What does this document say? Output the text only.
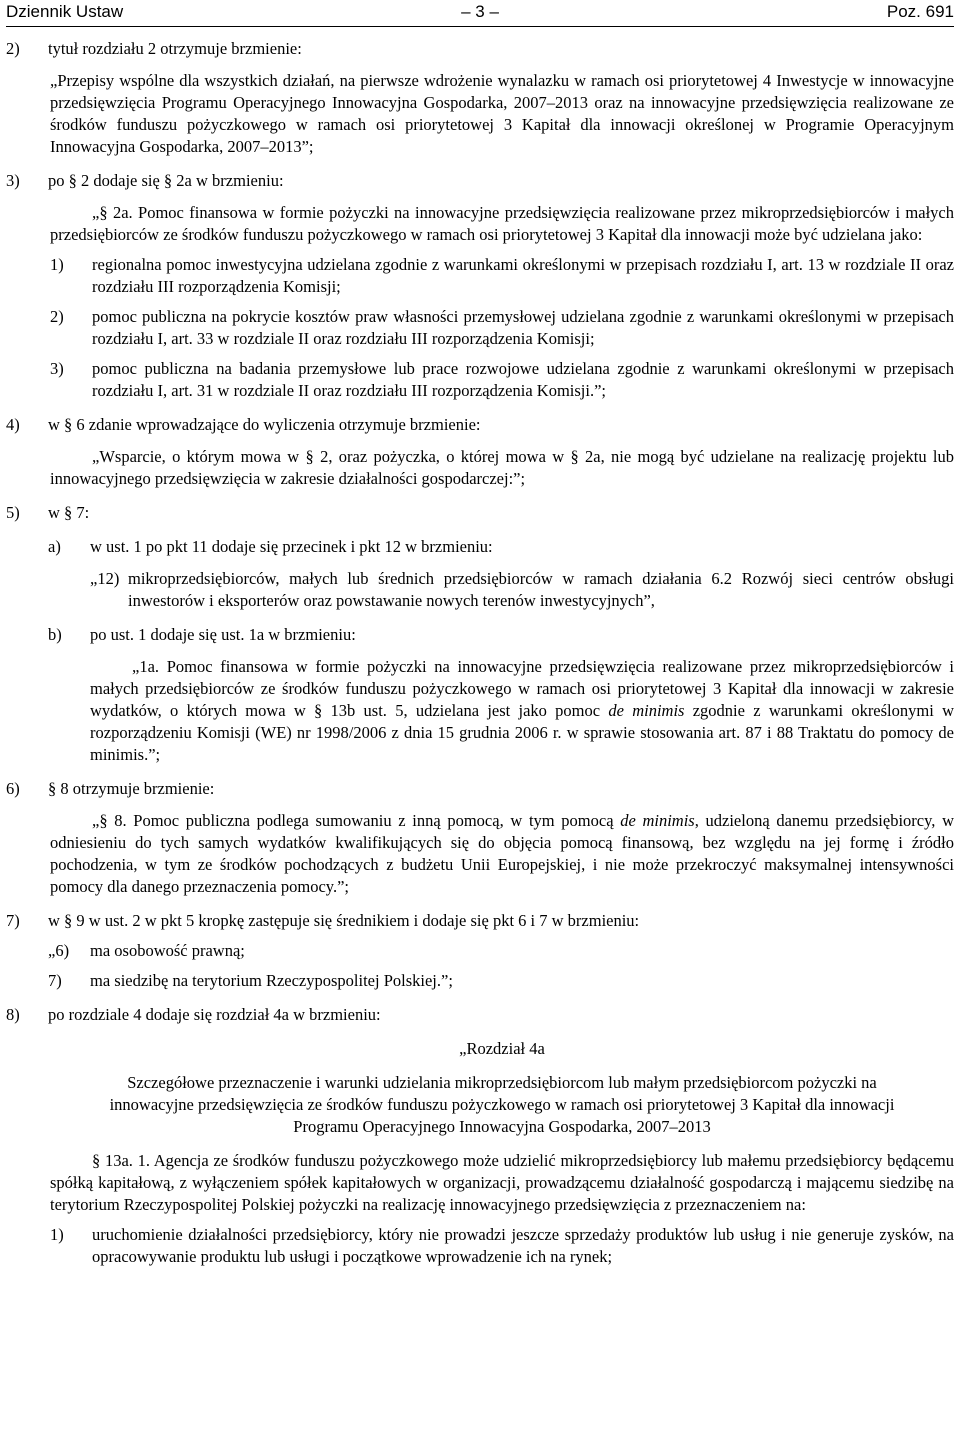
Dziennik Ustaw	– 3 –	Poz. 691
2)	tytuł rozdziału 2 otrzymuje brzmienie:

„Przepisy wspólne dla wszystkich działań, na pierwsze wdrożenie wynalazku w ramach osi priorytetowej 4 Inwestycje w innowacyjne przedsięwzięcia Programu Operacyjnego Innowacyjna Gospodarka, 2007–2013 oraz na innowacyjne przedsięwzięcia realizowane ze środków funduszu pożyczkowego w ramach osi priorytetowej 3 Kapitał dla innowacji określonej w Programie Operacyjnym Innowacyjna Gospodarka, 2007–2013”;

3)	po § 2 dodaje się § 2a w brzmieniu:

„§ 2a. Pomoc finansowa w formie pożyczki na innowacyjne przedsięwzięcia realizowane przez mikroprzedsiębiorców i małych przedsiębiorców ze środków funduszu pożyczkowego w ramach osi priorytetowej 3 Kapitał dla innowacji może być udzielana jako:

1)	regionalna pomoc inwestycyjna udzielana zgodnie z warunkami określonymi w przepisach rozdziału I, art. 13 w rozdziale II oraz rozdziału III rozporządzenia Komisji;

2)	pomoc publiczna na pokrycie kosztów praw własności przemysłowej udzielana zgodnie z warunkami określonymi w przepisach rozdziału I, art. 33 w rozdziale II oraz rozdziału III rozporządzenia Komisji;

3)	pomoc publiczna na badania przemysłowe lub prace rozwojowe udzielana zgodnie z warunkami określonymi w przepisach rozdziału I, art. 31 w rozdziale II oraz rozdziału III rozporządzenia Komisji.”;

4)	w § 6 zdanie wprowadzające do wyliczenia otrzymuje brzmienie:

„Wsparcie, o którym mowa w § 2, oraz pożyczka, o której mowa w § 2a, nie mogą być udzielane na realizację projektu lub innowacyjnego przedsięwzięcia w zakresie działalności gospodarczej:”;

5)	w § 7:

a)	w ust. 1 po pkt 11 dodaje się przecinek i pkt 12 w brzmieniu:

„12) mikroprzedsiębiorców, małych lub średnich przedsiębiorców w ramach działania 6.2 Rozwój sieci centrów obsługi inwestorów i eksporterów oraz powstawanie nowych terenów inwestycyjnych”,

b)	po ust. 1 dodaje się ust. 1a w brzmieniu:

„1a. Pomoc finansowa w formie pożyczki na innowacyjne przedsięwzięcia realizowane przez mikroprzedsiębiorców i małych przedsiębiorców ze środków funduszu pożyczkowego w ramach osi priorytetowej 3 Kapitał dla innowacji w zakresie wydatków, o których mowa w § 13b ust. 5, udzielana jest jako pomoc de minimis zgodnie z warunkami określonymi w rozporządzeniu Komisji (WE) nr 1998/2006 z dnia 15 grudnia 2006 r. w sprawie stosowania art. 87 i 88 Traktatu do pomocy de minimis.”;

6)	§ 8 otrzymuje brzmienie:

„§ 8. Pomoc publiczna podlega sumowaniu z inną pomocą, w tym pomocą de minimis, udzieloną danemu przedsiębiorcy, w odniesieniu do tych samych wydatków kwalifikujących się do objęcia pomocą finansową, bez względu na jej formę i źródło pochodzenia, w tym ze środków pochodzących z budżetu Unii Europejskiej, i nie może przekroczyć maksymalnej intensywności pomocy dla danego przeznaczenia pomocy.”;

7)	w § 9 w ust. 2 w pkt 5 kropkę zastępuje się średnikiem i dodaje się pkt 6 i 7 w brzmieniu:

„6)	ma osobowość prawną;

7)	ma siedzibę na terytorium Rzeczypospolitej Polskiej.”;

8)	po rozdziale 4 dodaje się rozdział 4a w brzmieniu:

„Rozdział 4a

Szczegółowe przeznaczenie i warunki udzielania mikroprzedsiębiorcom lub małym przedsiębiorcom pożyczki na innowacyjne przedsięwzięcia ze środków funduszu pożyczkowego w ramach osi priorytetowej 3 Kapitał dla innowacji Programu Operacyjnego Innowacyjna Gospodarka, 2007–2013

§ 13a. 1. Agencja ze środków funduszu pożyczkowego może udzielić mikroprzedsiębiorcy lub małemu przedsiębiorcy będącemu spółką kapitałową, z wyłączeniem spółek kapitałowych w organizacji, prowadzącemu działalność gospodarczą i mającemu siedzibę na terytorium Rzeczypospolitej Polskiej pożyczki na realizację innowacyjnego przedsięwzięcia z przeznaczeniem na:

1)	uruchomienie działalności przedsiębiorcy, który nie prowadzi jeszcze sprzedaży produktów lub usług i nie generuje zysków, na opracowywanie produktu lub usługi i początkowe wprowadzenie ich na rynek;
